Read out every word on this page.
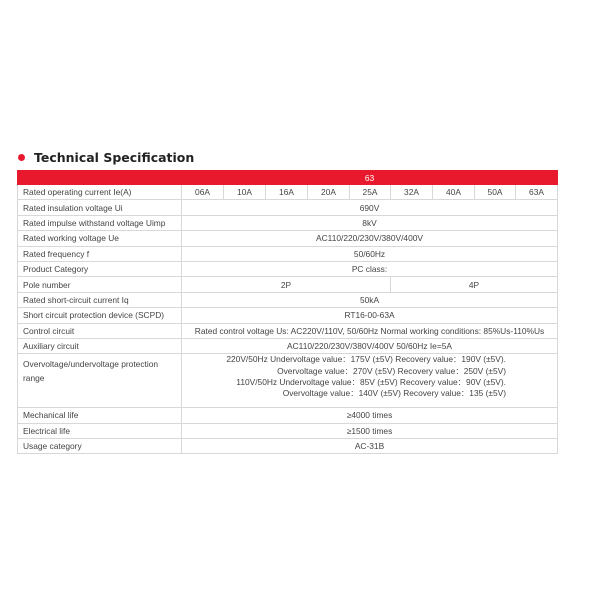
Technical Specification
	63								
Rated operating current Ie(A)	06A	10A	16A	20A	25A	32A	40A	50A	63A
Rated insulation voltage Ui	690V								
Rated impulse withstand voltage Uimp	8kV								
Rated working voltage Ue	AC110/220/230V/380V/400V								
Rated frequency f	50/60Hz								
Product Category	PC class:								
Pole number	2P					4P			
Rated short-circuit current Iq	50kA								
Short circuit protection device (SCPD)	RT16-00-63A								
Control circuit	Rated control voltage Us: AC220V/110V, 50/60Hz Normal working conditions: 85%Us-110%Us								
Auxiliary circuit	AC110/220/230V/380V/400V 50/60Hz Ie=5A								
Overvoltage/undervoltage protection range	220V/50Hz Undervoltage value：175V (±5V) Recovery value：190V (±5V).
Overvoltage value：270V (±5V) Recovery value：250V (±5V)
110V/50Hz Undervoltage value：85V (±5V) Recovery value：90V (±5V).
Overvoltage value：140V (±5V) Recovery value：135 (±5V)								

Mechanical life	≥4000 times								
Electrical life	≥1500 times								
Usage category	AC-31B								
